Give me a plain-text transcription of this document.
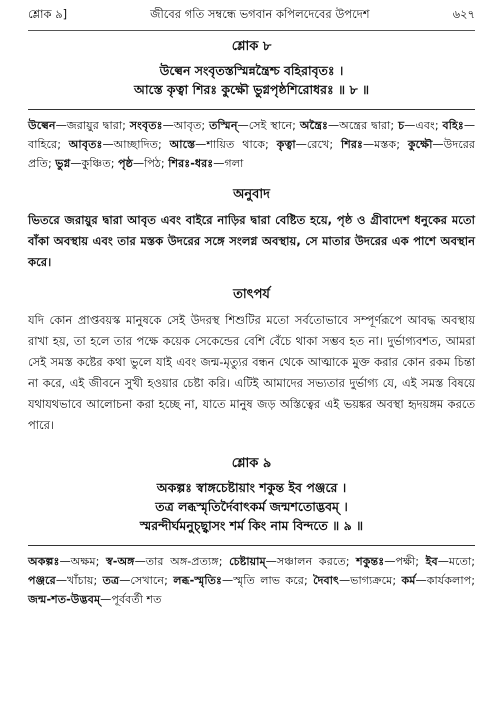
শ্লোক ৯]	জীবের গতি সম্বন্ধে ভগবান কপিলদেবের উপদেশ	৬২৭
শ্লোক ৮
উল্বেন সংবৃতস্তস্মিন্নন্ত্রৈশ্চ বহিরাবৃতঃ ।
আস্তে কৃত্বা শিরঃ কুক্ষৌ ভুগ্নপৃষ্ঠশিরোধরঃ ॥ ৮ ॥
উল্বেন—জরায়ুর দ্বারা; সংবৃতঃ—আবৃত; তস্মিন্—সেই স্থানে; অন্ত্রৈঃ—অন্ত্রের দ্বারা; চ—এবং; বহিঃ—বাহিরে; আবৃতঃ—আচ্ছাদিত; আস্তে—শায়িত থাকে; কৃত্বা—রেখে; শিরঃ—মস্তক; কুক্ষৌ—উদরের প্রতি; ভুগ্ন—কুঞ্চিত; পৃষ্ঠ—পিঠ; শিরঃ-ধরঃ—গলা
অনুবাদ
ভিতরে জরায়ুর দ্বারা আবৃত এবং বাইরে নাড়ির দ্বারা বেষ্টিত হয়ে, পৃষ্ঠ ও গ্রীবাদেশ ধনুকের মতো বাঁকা অবস্থায় এবং তার মস্তক উদরের সঙ্গে সংলগ্ন অবস্থায়, সে মাতার উদরের এক পাশে অবস্থান করে।
তাৎপর্য
যদি কোন প্রাপ্তবয়স্ক মানুষকে সেই উদরস্থ শিশুটির মতো সর্বতোভাবে সম্পূর্ণরূপে আবদ্ধ অবস্থায় রাখা হয়, তা হলে তার পক্ষে কয়েক সেকেন্ডের বেশি বেঁচে থাকা সম্ভব হত না। দুর্ভাগ্যবশত, আমরা সেই সমস্ত কষ্টের কথা ভুলে যাই এবং জন্ম-মৃত্যুর বন্ধন থেকে আত্মাকে মুক্ত করার কোন রকম চিন্তা না করে, এই জীবনে সুখী হওয়ার চেষ্টা করি। এটিই আমাদের সভ্যতার দুর্ভাগ্য যে, এই সমস্ত বিষয়ে যথাযথভাবে আলোচনা করা হচ্ছে না, যাতে মানুষ জড় অস্তিত্বের এই ভয়ঙ্কর অবস্থা হৃদয়ঙ্গম করতে পারে।
শ্লোক ৯
অকল্পঃ স্বাঙ্গচেষ্টায়াং শকুন্ত ইব পঞ্জরে ।
তত্র লব্ধস্মৃতির্দৈবাৎকর্ম জন্মশতোদ্ভবম্ ।
স্মরন্দীর্ঘমনুচ্ছ্বাসং শর্ম কিং নাম বিন্দতে ॥ ৯ ॥
অকল্পঃ—অক্ষম; স্ব-অঙ্গ—তার অঙ্গ-প্রত্যঙ্গ; চেষ্টায়াম্—সঞ্চালন করতে; শকুন্তঃ—পক্ষী; ইব—মতো; পঞ্জরে—খাঁচায়; তত্র—সেখানে; লব্ধ-স্মৃতিঃ—স্মৃতি লাভ করে; দৈবাৎ—ভাগ্যক্রমে; কর্ম—কার্যকলাপ; জন্ম-শত-উদ্ভবম্—পূর্ববর্তী শত
